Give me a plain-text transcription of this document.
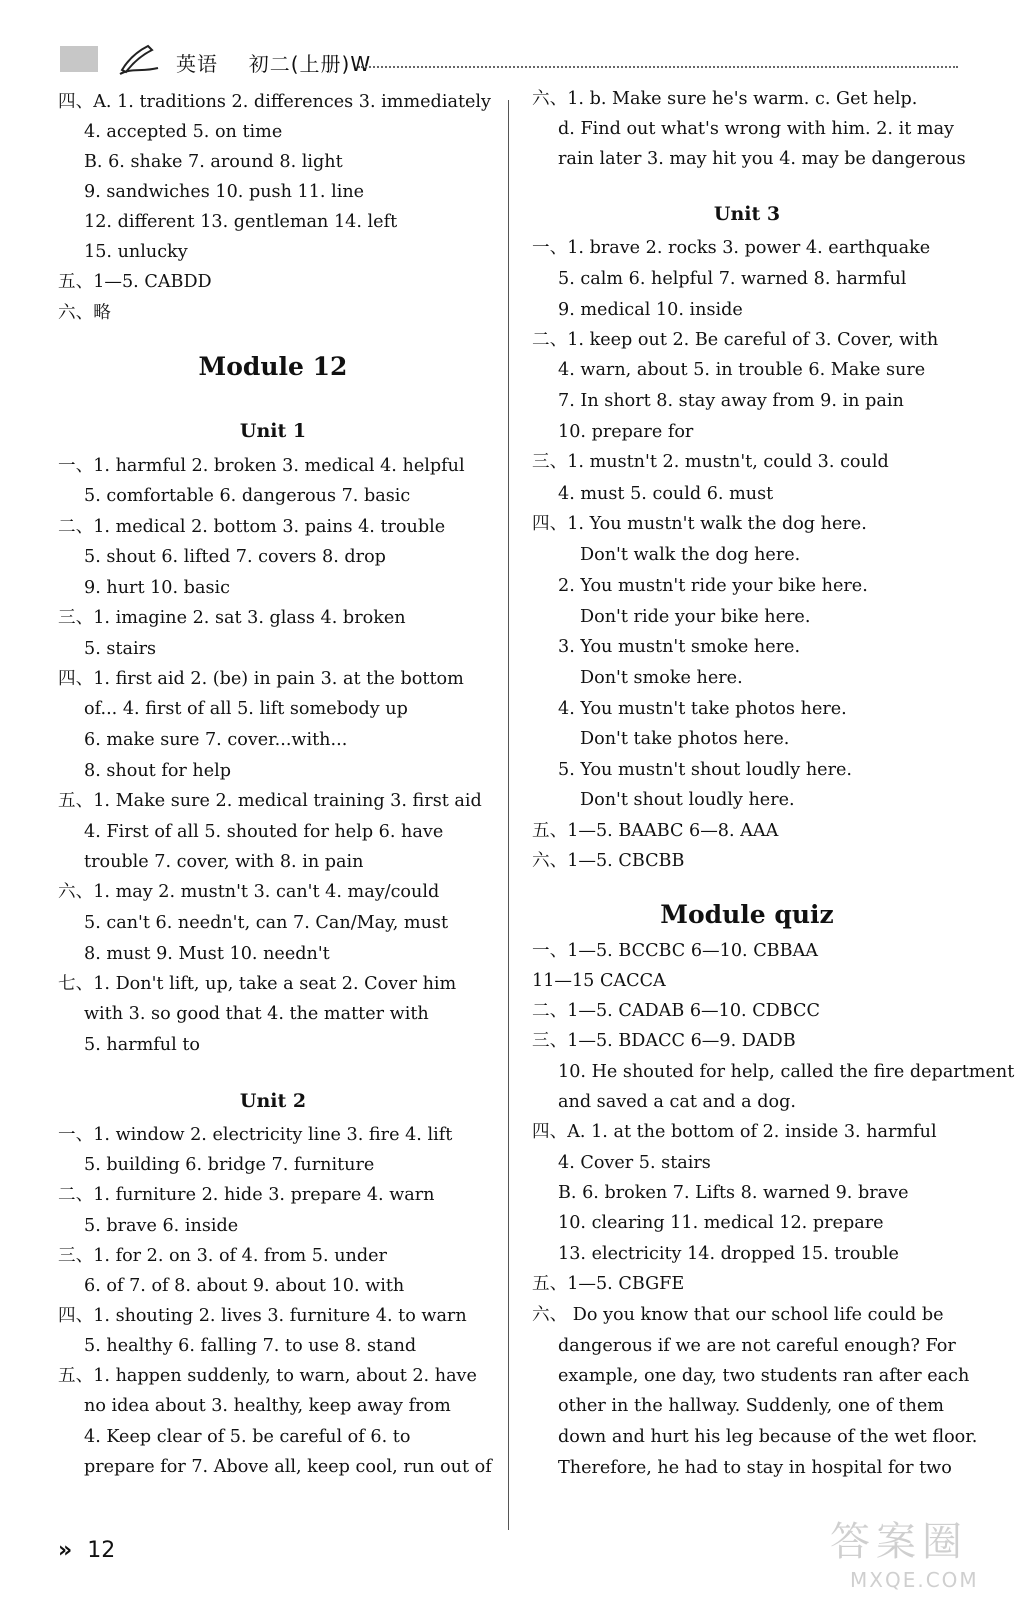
英语 初二(上册)W
Module 12
Unit 1
Unit 2
四、A. 1. traditions 2. differences 3. immediately
4. accepted 5. on time
B. 6. shake 7. around 8. light
9. sandwiches 10. push 11. line
12. different 13. gentleman 14. left
15. unlucky
五、1—5. CABDD
六、略
一、1. harmful 2. broken 3. medical 4. helpful
5. comfortable 6. dangerous 7. basic
二、1. medical 2. bottom 3. pains 4. trouble
5. shout 6. lifted 7. covers 8. drop
9. hurt 10. basic
三、1. imagine 2. sat 3. glass 4. broken
5. stairs
四、1. first aid 2. (be) in pain 3. at the bottom
of... 4. first of all 5. lift somebody up
6. make sure 7. cover...with...
8. shout for help
五、1. Make sure 2. medical training 3. first aid
4. First of all 5. shouted for help 6. have
trouble 7. cover, with 8. in pain
六、1. may 2. mustn't 3. can't 4. may/could
5. can't 6. needn't, can 7. Can/May, must
8. must 9. Must 10. needn't
七、1. Don't lift, up, take a seat 2. Cover him
with 3. so good that 4. the matter with
5. harmful to
一、1. window 2. electricity line 3. fire 4. lift
5. building 6. bridge 7. furniture
二、1. furniture 2. hide 3. prepare 4. warn
5. brave 6. inside
三、1. for 2. on 3. of 4. from 5. under
6. of 7. of 8. about 9. about 10. with
四、1. shouting 2. lives 3. furniture 4. to warn
5. healthy 6. falling 7. to use 8. stand
五、1. happen suddenly, to warn, about 2. have
no idea about 3. healthy, keep away from
4. Keep clear of 5. be careful of 6. to
prepare for 7. Above all, keep cool, run out of
Unit 3
Module quiz
六、1. b. Make sure he's warm. c. Get help.
d. Find out what's wrong with him. 2. it may
rain later 3. may hit you 4. may be dangerous
一、1. brave 2. rocks 3. power 4. earthquake
5. calm 6. helpful 7. warned 8. harmful
9. medical 10. inside
二、1. keep out 2. Be careful of 3. Cover, with
4. warn, about 5. in trouble 6. Make sure
7. In short 8. stay away from 9. in pain
10. prepare for
三、1. mustn't 2. mustn't, could 3. could
4. must 5. could 6. must
四、1. You mustn't walk the dog here.
Don't walk the dog here.
2. You mustn't ride your bike here.
Don't ride your bike here.
3. You mustn't smoke here.
Don't smoke here.
4. You mustn't take photos here.
Don't take photos here.
5. You mustn't shout loudly here.
Don't shout loudly here.
五、1—5. BAABC 6—8. AAA
六、1—5. CBCBB
一、1—5. BCCBC 6—10. CBBAA
11—15 CACCA
二、1—5. CADAB 6—10. CDBCC
三、1—5. BDACC 6—9. DADB
10. He shouted for help, called the fire department
and saved a cat and a dog.
四、A. 1. at the bottom of 2. inside 3. harmful
4. Cover 5. stairs
B. 6. broken 7. Lifts 8. warned 9. brave
10. clearing 11. medical 12. prepare
13. electricity 14. dropped 15. trouble
五、1—5. CBGFE
六、 Do you know that our school life could be
dangerous if we are not careful enough? For
example, one day, two students ran after each
other in the hallway. Suddenly, one of them
down and hurt his leg because of the wet floor.
Therefore, he had to stay in hospital for two
» 12	答案圈
MXQE.COM
